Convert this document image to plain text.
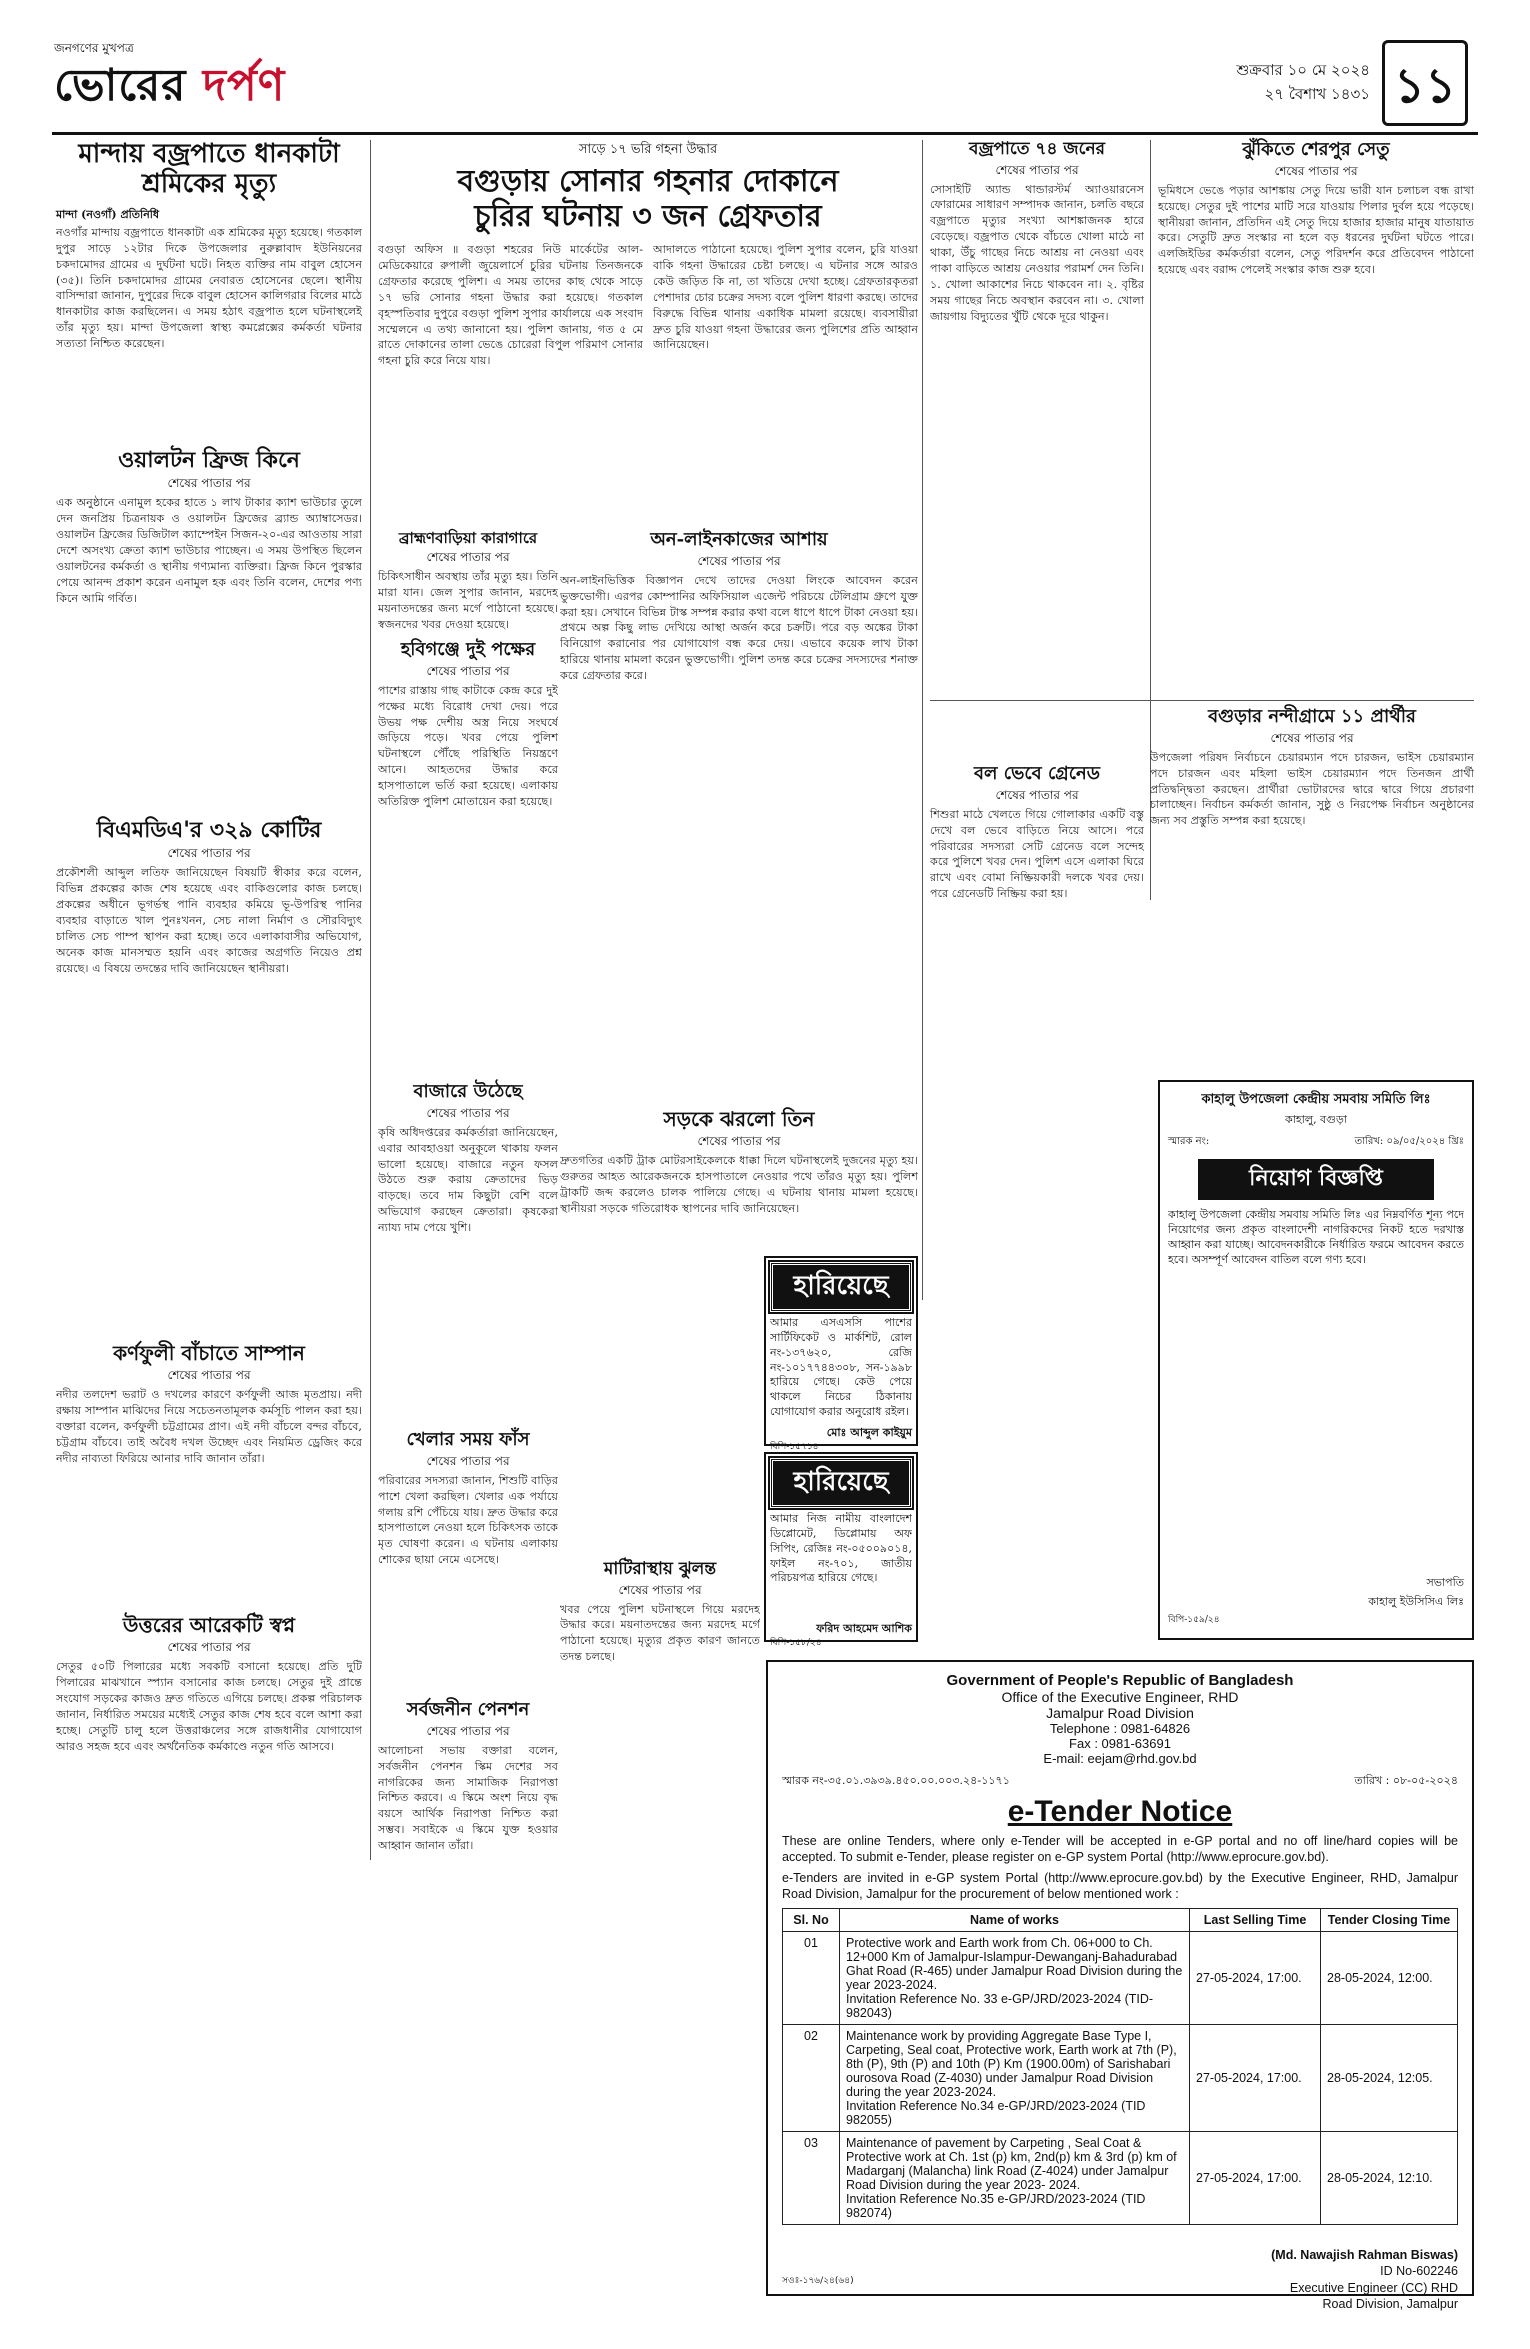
জনগণের মুখপত্র
ভোরের দর্পণ	শুক্রবার ১০ মে ২০২৪
২৭ বৈশাখ ১৪৩১ ১১
মান্দায় বজ্রপাতে ধানকাটা
শ্রমিকের মৃত্যু
মান্দা (নওগাঁ) প্রতিনিধি
নওগাঁর মান্দায় বজ্রপাতে ধানকাটা এক শ্রমিকের মৃত্যু হয়েছে। গতকাল দুপুর সাড়ে ১২টার দিকে উপজেলার নুরুল্লাবাদ ইউনিয়নের চকদামোদর গ্রামের এ দুর্ঘটনা ঘটে। নিহত ব্যক্তির নাম বাবুল হোসেন (৩৫)। তিনি চকদামোদর গ্রামের নেবারত হোসেনের ছেলে। স্থানীয় বাসিন্দারা জানান, দুপুরের দিকে বাবুল হোসেন কালিগরার বিলের মাঠে ধানকাটার কাজ করছিলেন। এ সময় হঠাৎ বজ্রপাত হলে ঘটনাস্থলেই তাঁর মৃত্যু হয়। মান্দা উপজেলা স্বাস্থ্য কমপ্লেক্সের কর্মকর্তা ঘটনার সত্যতা নিশ্চিত করেছেন।
ওয়ালটন ফ্রিজ কিনে
শেষের পাতার পর
এক অনুষ্ঠানে এনামুল হকের হাতে ১ লাখ টাকার ক্যাশ ভাউচার তুলে দেন জনপ্রিয় চিত্রনায়ক ও ওয়ালটন ফ্রিজের ব্র্যান্ড অ্যাম্বাসেডর। ওয়ালটন ফ্রিজের ডিজিটাল ক্যাম্পেইন সিজন-২০-এর আওতায় সারা দেশে অসংখ্য ক্রেতা ক্যাশ ভাউচার পাচ্ছেন। এ সময় উপস্থিত ছিলেন ওয়ালটনের কর্মকর্তা ও স্থানীয় গণ্যমান্য ব্যক্তিরা। ফ্রিজ কিনে পুরস্কার পেয়ে আনন্দ প্রকাশ করেন এনামুল হক এবং তিনি বলেন, দেশের পণ্য কিনে আমি গর্বিত।
বিএমডিএ'র ৩২৯ কোটির
শেষের পাতার পর
প্রকৌশলী আব্দুল লতিফ জানিয়েছেন বিষয়টি স্বীকার করে বলেন, বিভিন্ন প্রকল্পের কাজ শেষ হয়েছে এবং বাকিগুলোর কাজ চলছে। প্রকল্পের অধীনে ভূগর্ভস্থ পানি ব্যবহার কমিয়ে ভূ-উপরিস্থ পানির ব্যবহার বাড়াতে খাল পুনঃখনন, সেচ নালা নির্মাণ ও সৌরবিদ্যুৎ চালিত সেচ পাম্প স্থাপন করা হচ্ছে। তবে এলাকাবাসীর অভিযোগ, অনেক কাজ মানসম্মত হয়নি এবং কাজের অগ্রগতি নিয়েও প্রশ্ন রয়েছে। এ বিষয়ে তদন্তের দাবি জানিয়েছেন স্থানীয়রা।
কর্ণফুলী বাঁচাতে সাম্পান
শেষের পাতার পর
নদীর তলদেশ ভরাট ও দখলের কারণে কর্ণফুলী আজ মৃতপ্রায়। নদী রক্ষায় সাম্পান মাঝিদের নিয়ে সচেতনতামূলক কর্মসূচি পালন করা হয়। বক্তারা বলেন, কর্ণফুলী চট্টগ্রামের প্রাণ। এই নদী বাঁচলে বন্দর বাঁচবে, চট্টগ্রাম বাঁচবে। তাই অবৈধ দখল উচ্ছেদ এবং নিয়মিত ড্রেজিং করে নদীর নাব্যতা ফিরিয়ে আনার দাবি জানান তাঁরা।
উত্তরের আরেকটি স্বপ্ন
শেষের পাতার পর
সেতুর ৫০টি পিলারের মধ্যে সবকটি বসানো হয়েছে। প্রতি দুটি পিলারের মাঝখানে স্প্যান বসানোর কাজ চলছে। সেতুর দুই প্রান্তে সংযোগ সড়কের কাজও দ্রুত গতিতে এগিয়ে চলছে। প্রকল্প পরিচালক জানান, নির্ধারিত সময়ের মধ্যেই সেতুর কাজ শেষ হবে বলে আশা করা হচ্ছে। সেতুটি চালু হলে উত্তরাঞ্চলের সঙ্গে রাজধানীর যোগাযোগ আরও সহজ হবে এবং অর্থনৈতিক কর্মকাণ্ডে নতুন গতি আসবে।
সাড়ে ১৭ ভরি গহনা উদ্ধার
বগুড়ায় সোনার গহনার দোকানে
চুরির ঘটনায় ৩ জন গ্রেফতার
বগুড়া অফিস ॥ বগুড়া শহরের নিউ মার্কেটের আল-মেডিকেয়ারে রুপালী জুয়েলার্সে চুরির ঘটনায় তিনজনকে গ্রেফতার করেছে পুলিশ। এ সময় তাদের কাছ থেকে সাড়ে ১৭ ভরি সোনার গহনা উদ্ধার করা হয়েছে। গতকাল বৃহস্পতিবার দুপুরে বগুড়া পুলিশ সুপার কার্যালয়ে এক সংবাদ সম্মেলনে এ তথ্য জানানো হয়। পুলিশ জানায়, গত ৫ মে রাতে দোকানের তালা ভেঙে চোরেরা বিপুল পরিমাণ সোনার গহনা চুরি করে নিয়ে যায়।
আদালতে পাঠানো হয়েছে। পুলিশ সুপার বলেন, চুরি যাওয়া বাকি গহনা উদ্ধারের চেষ্টা চলছে। এ ঘটনার সঙ্গে আরও কেউ জড়িত কি না, তা খতিয়ে দেখা হচ্ছে। গ্রেফতারকৃতরা পেশাদার চোর চক্রের সদস্য বলে পুলিশ ধারণা করছে। তাদের বিরুদ্ধে বিভিন্ন থানায় একাধিক মামলা রয়েছে। ব্যবসায়ীরা দ্রুত চুরি যাওয়া গহনা উদ্ধারের জন্য পুলিশের প্রতি আহ্বান জানিয়েছেন।
ব্রাহ্মণবাড়িয়া কারাগারে
শেষের পাতার পর
চিকিৎসাধীন অবস্থায় তাঁর মৃত্যু হয়। তিনি মারা যান। জেল সুপার জানান, মরদেহ ময়নাতদন্তের জন্য মর্গে পাঠানো হয়েছে। স্বজনদের খবর দেওয়া হয়েছে।
হবিগঞ্জে দুই পক্ষের
শেষের পাতার পর
পাশের রাস্তায় গাছ কাটাকে কেন্দ্র করে দুই পক্ষের মধ্যে বিরোধ দেখা দেয়। পরে উভয় পক্ষ দেশীয় অস্ত্র নিয়ে সংঘর্ষে জড়িয়ে পড়ে। খবর পেয়ে পুলিশ ঘটনাস্থলে পৌঁছে পরিস্থিতি নিয়ন্ত্রণে আনে। আহতদের উদ্ধার করে হাসপাতালে ভর্তি করা হয়েছে। এলাকায় অতিরিক্ত পুলিশ মোতায়েন করা হয়েছে।
অন-লাইনকাজের আশায়
শেষের পাতার পর
অন-লাইনভিত্তিক বিজ্ঞাপন দেখে তাদের দেওয়া লিংকে আবেদন করেন ভুক্তভোগী। এরপর কোম্পানির অফিসিয়াল এজেন্ট পরিচয়ে টেলিগ্রাম গ্রুপে যুক্ত করা হয়। সেখানে বিভিন্ন টাস্ক সম্পন্ন করার কথা বলে ধাপে ধাপে টাকা নেওয়া হয়। প্রথমে অল্প কিছু লাভ দেখিয়ে আস্থা অর্জন করে চক্রটি। পরে বড় অঙ্কের টাকা বিনিয়োগ করানোর পর যোগাযোগ বন্ধ করে দেয়। এভাবে কয়েক লাখ টাকা হারিয়ে থানায় মামলা করেন ভুক্তভোগী। পুলিশ তদন্ত করে চক্রের সদস্যদের শনাক্ত করে গ্রেফতার করে।
বাজারে উঠেছে
শেষের পাতার পর
কৃষি অধিদপ্তরের কর্মকর্তারা জানিয়েছেন, এবার আবহাওয়া অনুকূলে থাকায় ফলন ভালো হয়েছে। বাজারে নতুন ফসল উঠতে শুরু করায় ক্রেতাদের ভিড় বাড়ছে। তবে দাম কিছুটা বেশি বলে অভিযোগ করছেন ক্রেতারা। কৃষকেরা ন্যায্য দাম পেয়ে খুশি।
সড়কে ঝরলো তিন
শেষের পাতার পর
দ্রুতগতির একটি ট্রাক মোটরসাইকেলকে ধাক্কা দিলে ঘটনাস্থলেই দুজনের মৃত্যু হয়। গুরুতর আহত আরেকজনকে হাসপাতালে নেওয়ার পথে তাঁরও মৃত্যু হয়। পুলিশ ট্রাকটি জব্দ করলেও চালক পালিয়ে গেছে। এ ঘটনায় থানায় মামলা হয়েছে। স্থানীয়রা সড়কে গতিরোধক স্থাপনের দাবি জানিয়েছেন।
খেলার সময় ফাঁস
শেষের পাতার পর
পরিবারের সদস্যরা জানান, শিশুটি বাড়ির পাশে খেলা করছিল। খেলার এক পর্যায়ে গলায় রশি পেঁচিয়ে যায়। দ্রুত উদ্ধার করে হাসপাতালে নেওয়া হলে চিকিৎসক তাকে মৃত ঘোষণা করেন। এ ঘটনায় এলাকায় শোকের ছায়া নেমে এসেছে।
সর্বজনীন পেনশন
শেষের পাতার পর
আলোচনা সভায় বক্তারা বলেন, সর্বজনীন পেনশন স্কিম দেশের সব নাগরিকের জন্য সামাজিক নিরাপত্তা নিশ্চিত করবে। এ স্কিমে অংশ নিয়ে বৃদ্ধ বয়সে আর্থিক নিরাপত্তা নিশ্চিত করা সম্ভব। সবাইকে এ স্কিমে যুক্ত হওয়ার আহ্বান জানান তাঁরা।
মাটিরাস্থায় ঝুলন্ত
শেষের পাতার পর
খবর পেয়ে পুলিশ ঘটনাস্থলে গিয়ে মরদেহ উদ্ধার করে। ময়নাতদন্তের জন্য মরদেহ মর্গে পাঠানো হয়েছে। মৃত্যুর প্রকৃত কারণ জানতে তদন্ত চলছে।
বজ্রপাতে ৭৪ জনের
শেষের পাতার পর
সোসাইটি অ্যান্ড থান্ডারস্টর্ম অ্যাওয়ারনেস ফোরামের সাধারণ সম্পাদক জানান, চলতি বছরে বজ্রপাতে মৃত্যুর সংখ্যা আশঙ্কাজনক হারে বেড়েছে। বজ্রপাত থেকে বাঁচতে খোলা মাঠে না থাকা, উঁচু গাছের নিচে আশ্রয় না নেওয়া এবং পাকা বাড়িতে আশ্রয় নেওয়ার পরামর্শ দেন তিনি। ১. খোলা আকাশের নিচে থাকবেন না। ২. বৃষ্টির সময় গাছের নিচে অবস্থান করবেন না। ৩. খোলা জায়গায় বিদ্যুতের খুঁটি থেকে দূরে থাকুন।
বল ভেবে গ্রেনেড
শেষের পাতার পর
শিশুরা মাঠে খেলতে গিয়ে গোলাকার একটি বস্তু দেখে বল ভেবে বাড়িতে নিয়ে আসে। পরে পরিবারের সদস্যরা সেটি গ্রেনেড বলে সন্দেহ করে পুলিশে খবর দেন। পুলিশ এসে এলাকা ঘিরে রাখে এবং বোমা নিষ্ক্রিয়কারী দলকে খবর দেয়। পরে গ্রেনেডটি নিষ্ক্রিয় করা হয়।
হারিয়েছে
আমার এসএসসি পাশের সার্টিফিকেট ও মার্কশিট, রোল নং-১৩৭৬২০, রেজি নং-১০১৭৭৪৪৩০৮, সন-১৯৯৮ হারিয়ে গেছে। কেউ পেয়ে থাকলে নিচের ঠিকানায় যোগাযোগ করার অনুরোধ রইল।
মোঃ আব্দুল কাইয়ুম
বিপি-১৫৭১৪
হারিয়েছে
আমার নিজ নামীয় বাংলাদেশ ডিপ্লোমেট, ডিপ্লোমায় অফ সিপিং, রেজিঃ নং-০৫০০৯০১৪, ফাইল নং-৭০১, জাতীয় পরিচয়পত্র হারিয়ে গেছে।
ফরিদ আহমেদ আশিক
বিপি-১৫৮/২৪
ঝুঁকিতে শেরপুর সেতু
শেষের পাতার পর
ভূমিধসে ভেঙে পড়ার আশঙ্কায় সেতু দিয়ে ভারী যান চলাচল বন্ধ রাখা হয়েছে। সেতুর দুই পাশের মাটি সরে যাওয়ায় পিলার দুর্বল হয়ে পড়েছে। স্থানীয়রা জানান, প্রতিদিন এই সেতু দিয়ে হাজার হাজার মানুষ যাতায়াত করে। সেতুটি দ্রুত সংস্কার না হলে বড় ধরনের দুর্ঘটনা ঘটতে পারে। এলজিইডির কর্মকর্তারা বলেন, সেতু পরিদর্শন করে প্রতিবেদন পাঠানো হয়েছে এবং বরাদ্দ পেলেই সংস্কার কাজ শুরু হবে।
বগুড়ার নন্দীগ্রামে ১১ প্রার্থীর
শেষের পাতার পর
উপজেলা পরিষদ নির্বাচনে চেয়ারম্যান পদে চারজন, ভাইস চেয়ারম্যান পদে চারজন এবং মহিলা ভাইস চেয়ারম্যান পদে তিনজন প্রার্থী প্রতিদ্বন্দ্বিতা করছেন। প্রার্থীরা ভোটারদের দ্বারে দ্বারে গিয়ে প্রচারণা চালাচ্ছেন। নির্বাচন কর্মকর্তা জানান, সুষ্ঠু ও নিরপেক্ষ নির্বাচন অনুষ্ঠানের জন্য সব প্রস্তুতি সম্পন্ন করা হয়েছে।
কাহালু উপজেলা কেন্দ্রীয় সমবায় সমিতি লিঃ
কাহালু, বগুড়া
স্মারক নং:	তারিখ: ০৯/০৫/২০২৪ খ্রিঃ
নিয়োগ বিজ্ঞপ্তি
কাহালু উপজেলা কেন্দ্রীয় সমবায় সমিতি লিঃ এর নিম্নবর্ণিত শূন্য পদে নিয়োগের জন্য প্রকৃত বাংলাদেশী নাগরিকদের নিকট হতে দরখাস্ত আহ্বান করা যাচ্ছে। আবেদনকারীকে নির্ধারিত ফরমে আবেদন করতে হবে। অসম্পূর্ণ আবেদন বাতিল বলে গণ্য হবে।
সভাপতি
কাহালু ইউসিসিএ লিঃ
বিপি-১৫৯/২৪
Government of People's Republic of Bangladesh
Office of the Executive Engineer, RHD
Jamalpur Road Division
Telephone : 0981-64826
Fax : 0981-63691
E-mail: eejam@rhd.gov.bd
স্মারক নং-৩৫.০১.৩৯৩৯.৪৫০.০০.০০৩.২৪-১১৭১	তারিখ : ০৮-০৫-২০২৪
e-Tender Notice
These are online Tenders, where only e-Tender will be accepted in e-GP portal and no off line/hard copies will be accepted. To submit e-Tender, please register on e-GP system Portal (http://www.eprocure.gov.bd).
e-Tenders are invited in e-GP system Portal (http://www.eprocure.gov.bd) by the Executive Engineer, RHD, Jamalpur Road Division, Jamalpur for the procurement of below mentioned work :
Sl. No	Name of works	Last Selling Time	Tender Closing Time
01	Protective work and Earth work from Ch. 06+000 to Ch. 12+000 Km of Jamalpur-Islampur-Dewanganj-Bahadurabad Ghat Road (R-465) under Jamalpur Road Division during the year 2023-2024.
Invitation Reference No. 33 e-GP/JRD/2023-2024 (TID- 982043)	27-05-2024, 17:00.	28-05-2024, 12:00.
02	Maintenance work by providing Aggregate Base Type I, Carpeting, Seal coat, Protective work, Earth work at 7th (P), 8th (P), 9th (P) and 10th (P) Km (1900.00m) of Sarishabari ourosova Road (Z-4030) under Jamalpur Road Division during the year 2023-2024.
Invitation Reference No.34 e-GP/JRD/2023-2024 (TID 982055)	27-05-2024, 17:00.	28-05-2024, 12:05.
03	Maintenance of pavement by Carpeting , Seal Coat & Protective work at Ch. 1st (p) km, 2nd(p) km & 3rd (p) km of Madarganj (Malancha) link Road (Z-4024) under Jamalpur Road Division during the year 2023- 2024.
Invitation Reference No.35 e-GP/JRD/2023-2024 (TID 982074)	27-05-2024, 17:00.	28-05-2024, 12:10.
(Md. Nawajish Rahman Biswas)
ID No-602246
Executive Engineer (CC) RHD
Road Division, Jamalpur
সওঃ-১৭৬/২৪(৬৪)
